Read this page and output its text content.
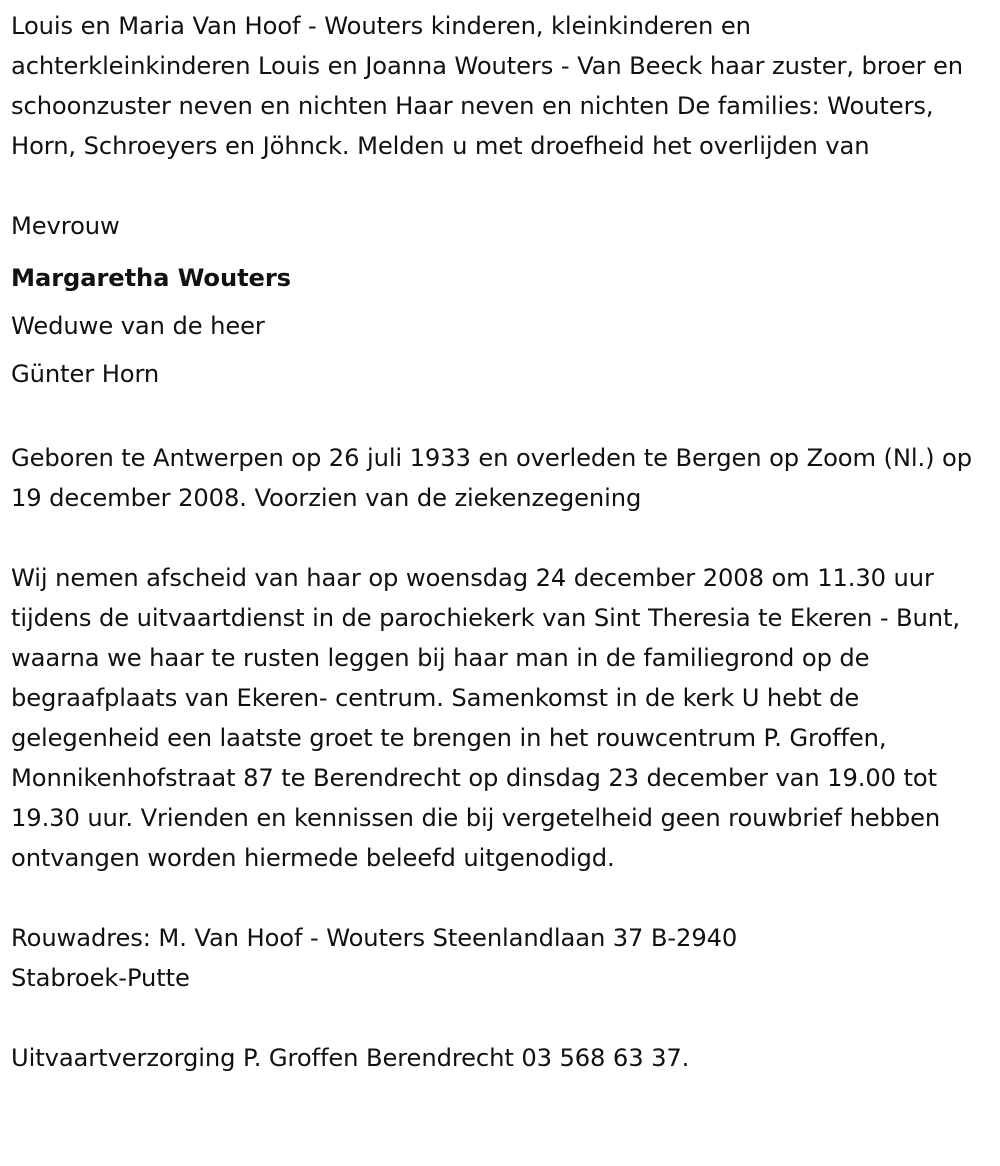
Louis en Maria Van Hoof - Wouters kinderen, kleinkinderen en achterkleinkinderen Louis en Joanna Wouters - Van Beeck haar zuster, broer en schoonzuster neven en nichten Haar neven en nichten De families: Wouters, Horn, Schroeyers en Jöhnck. Melden u met droefheid het overlijden van

Mevrouw
Margaretha Wouters
Weduwe van de heer
Günter Horn

Geboren te Antwerpen op 26 juli 1933 en overleden te Bergen op Zoom (Nl.) op 19 december 2008. Voorzien van de ziekenzegening

Wij nemen afscheid van haar op woensdag 24 december 2008 om 11.30 uur tijdens de uitvaartdienst in de parochiekerk van Sint Theresia te Ekeren - Bunt, waarna we haar te rusten leggen bij haar man in de familiegrond op de begraafplaats van Ekeren- centrum. Samenkomst in de kerk U hebt de gelegenheid een laatste groet te brengen in het rouwcentrum P. Groffen, Monnikenhofstraat 87 te Berendrecht op dinsdag 23 december van 19.00 tot 19.30 uur. Vrienden en kennissen die bij vergetelheid geen rouwbrief hebben ontvangen worden hiermede beleefd uitgenodigd.

Rouwadres: M. Van Hoof - Wouters Steenlandlaan 37 B-2940
Stabroek-Putte

Uitvaartverzorging P. Groffen Berendrecht 03 568 63 37.
